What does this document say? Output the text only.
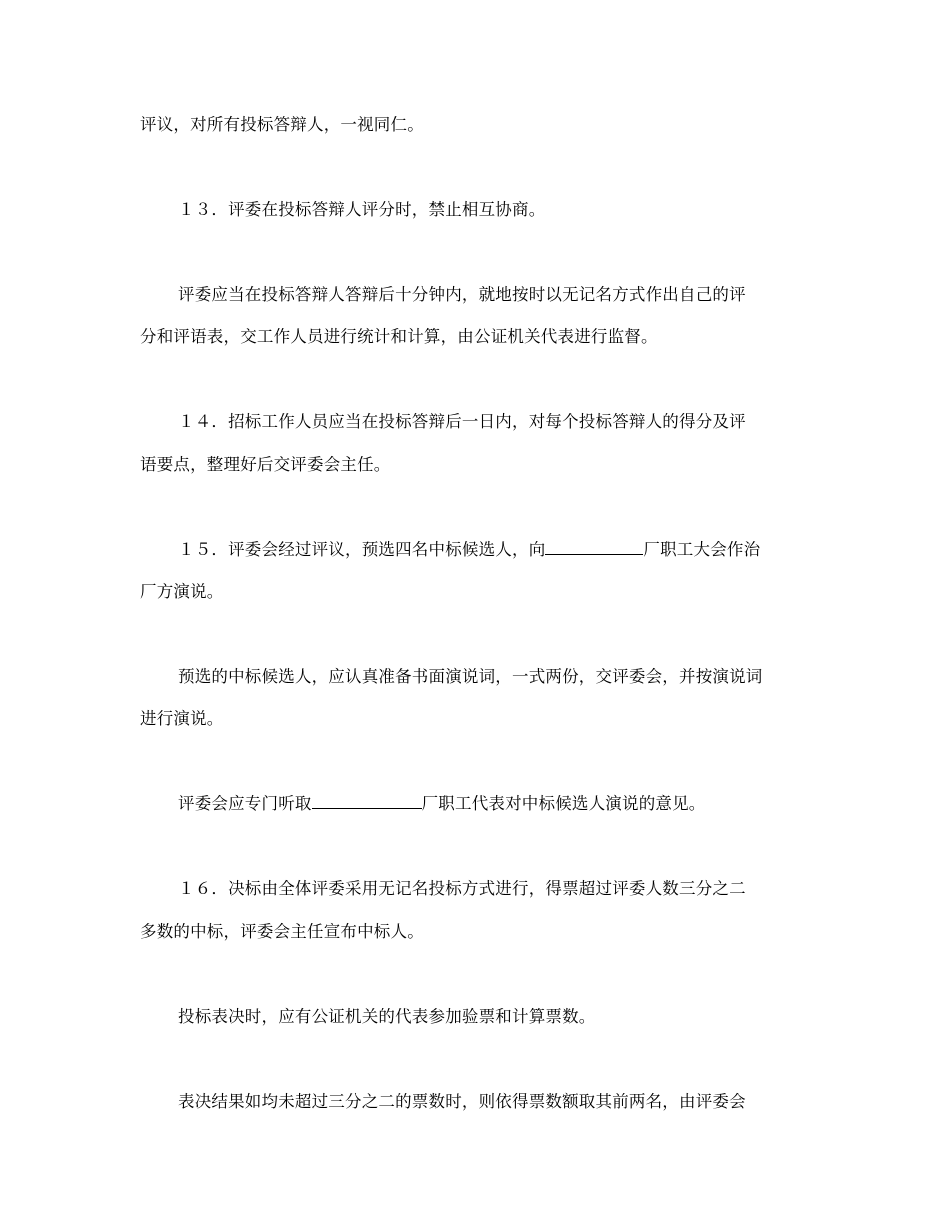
评议，对所有投标答辩人，一视同仁。
１３．评委在投标答辩人评分时，禁止相互协商。
评委应当在投标答辩人答辩后十分钟内，就地按时以无记名方式作出自己的评
分和评语表，交工作人员进行统计和计算，由公证机关代表进行监督。
１４．招标工作人员应当在投标答辩后一日内，对每个投标答辩人的得分及评
语要点，整理好后交评委会主任。
１５．评委会经过评议，预选四名中标候选人，向	厂职工大会作治
厂方演说。
预选的中标候选人，应认真准备书面演说词，一式两份，交评委会，并按演说词
进行演说。
评委会应专门听取	厂职工代表对中标候选人演说的意见。
１６．决标由全体评委采用无记名投标方式进行，得票超过评委人数三分之二
多数的中标，评委会主任宣布中标人。
投标表决时，应有公证机关的代表参加验票和计算票数。
表决结果如均未超过三分之二的票数时，则依得票数额取其前两名，由评委会
